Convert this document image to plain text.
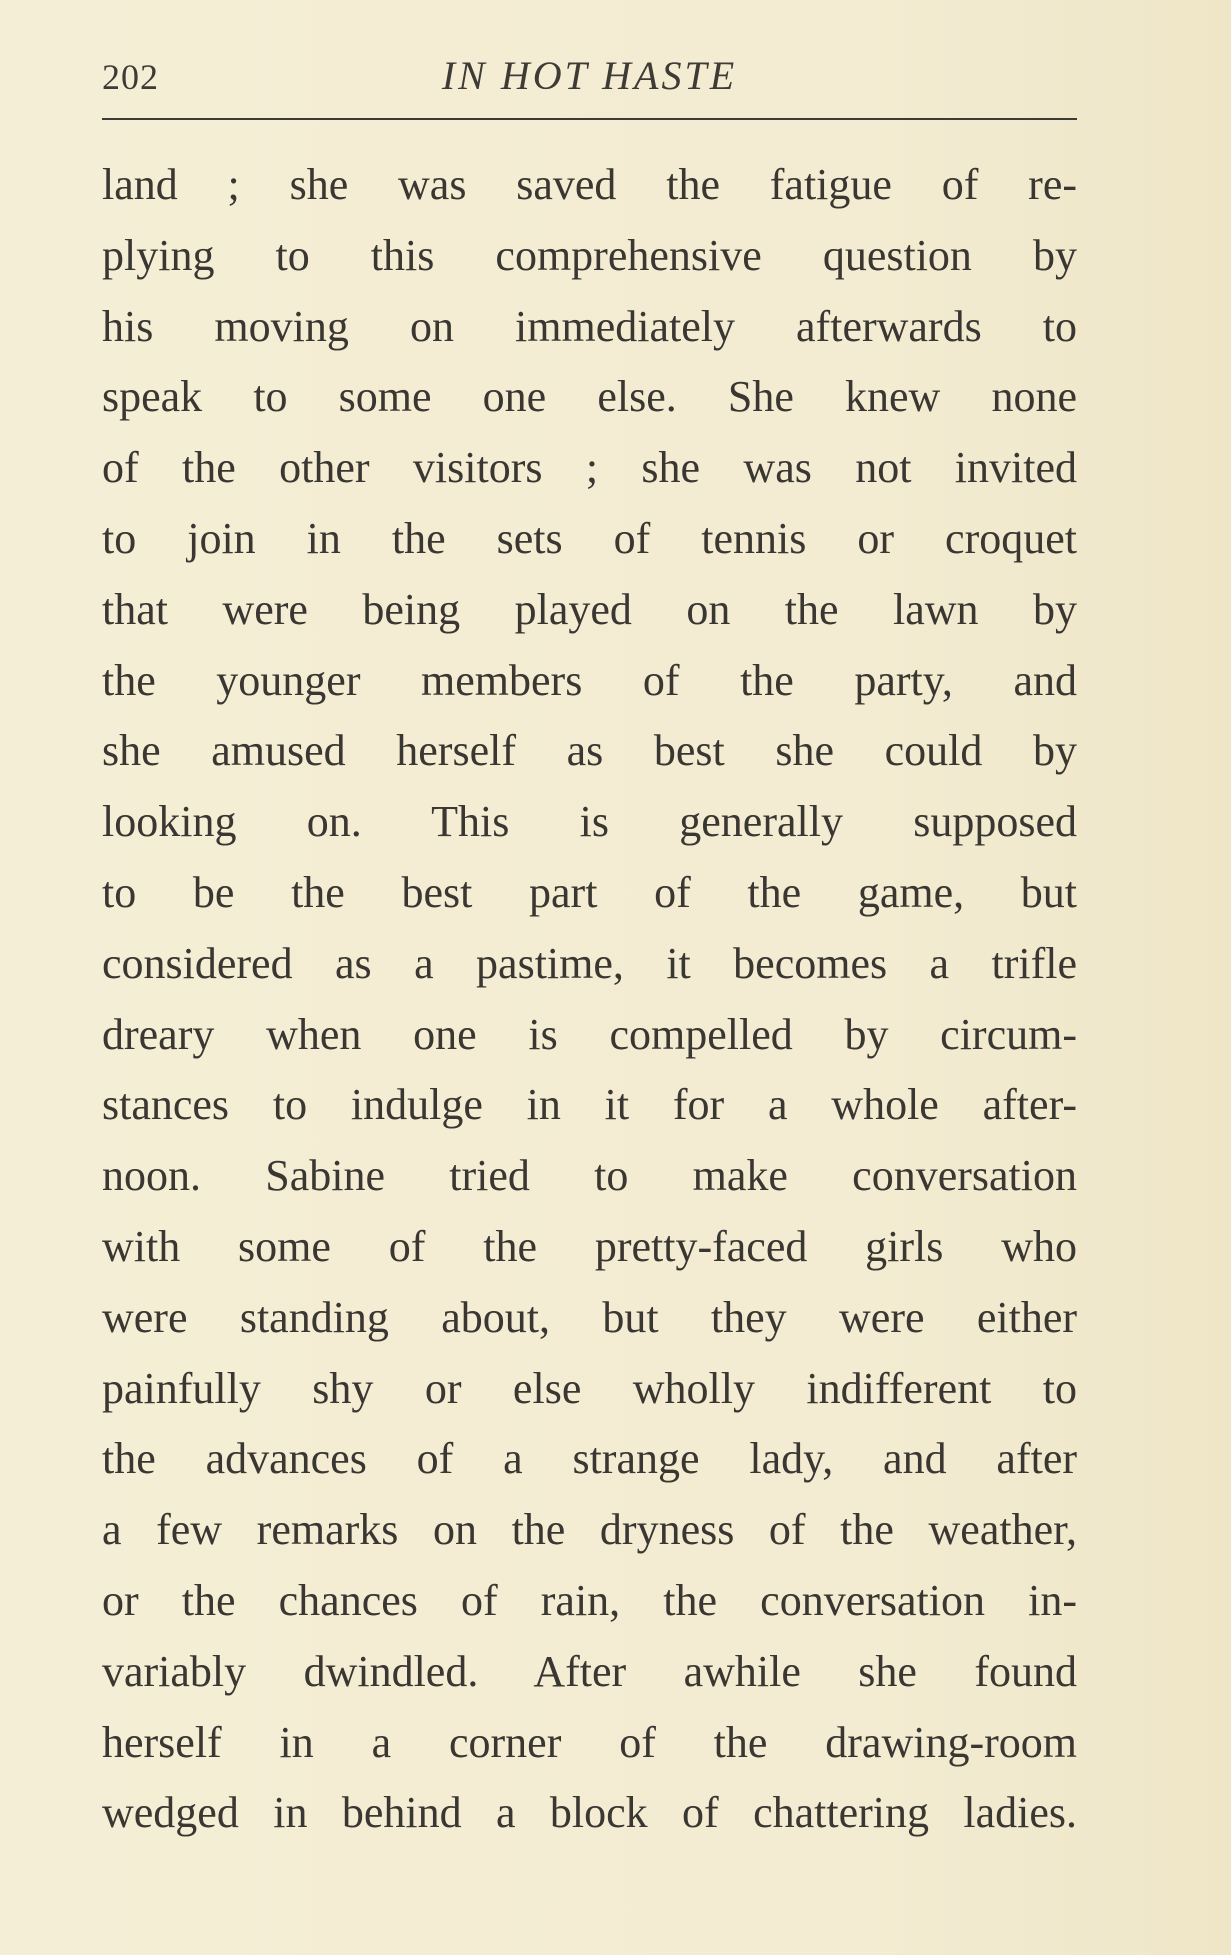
202	IN HOT HASTE
land ; she was saved the fatigue of re-
plying to this comprehensive question by
his moving on immediately afterwards to
speak to some one else. She knew none
of the other visitors ; she was not invited
to join in the sets of tennis or croquet
that were being played on the lawn by
the younger members of the party, and
she amused herself as best she could by
looking on. This is generally supposed
to be the best part of the game, but
considered as a pastime, it becomes a trifle
dreary when one is compelled by circum-
stances to indulge in it for a whole after-
noon. Sabine tried to make conversation
with some of the pretty-faced girls who
were standing about, but they were either
painfully shy or else wholly indifferent to
the advances of a strange lady, and after
a few remarks on the dryness of the weather,
or the chances of rain, the conversation in-
variably dwindled. After awhile she found
herself in a corner of the drawing-room
wedged in behind a block of chattering ladies.
